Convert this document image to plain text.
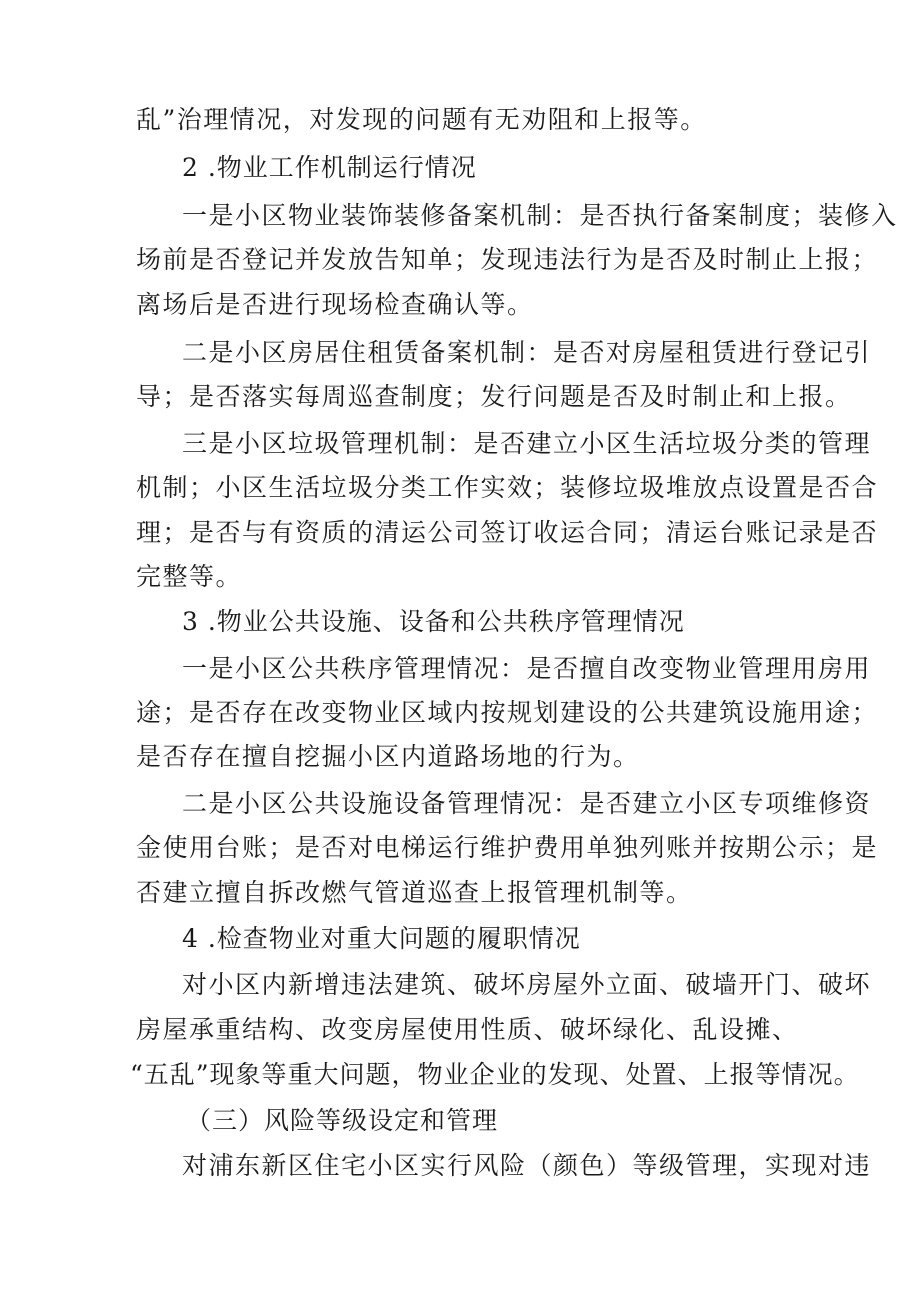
乱”治理情况，对发现的问题有无劝阻和上报等。
2 .物业工作机制运行情况
一是小区物业装饰装修备案机制：是否执行备案制度；装修入
场前是否登记并发放告知单；发现违法行为是否及时制止上报；
离场后是否进行现场检查确认等。
二是小区房居住租赁备案机制：是否对房屋租赁进行登记引
导；是否落实每周巡查制度；发行问题是否及时制止和上报。
三是小区垃圾管理机制：是否建立小区生活垃圾分类的管理
机制；小区生活垃圾分类工作实效；装修垃圾堆放点设置是否合
理；是否与有资质的清运公司签订收运合同；清运台账记录是否
完整等。
3 .物业公共设施、设备和公共秩序管理情况
一是小区公共秩序管理情况：是否擅自改变物业管理用房用
途；是否存在改变物业区域内按规划建设的公共建筑设施用途；
是否存在擅自挖掘小区内道路场地的行为。
二是小区公共设施设备管理情况：是否建立小区专项维修资
金使用台账；是否对电梯运行维护费用单独列账并按期公示；是
否建立擅自拆改燃气管道巡查上报管理机制等。
4 .检查物业对重大问题的履职情况
对小区内新增违法建筑、破坏房屋外立面、破墙开门、破坏
房屋承重结构、改变房屋使用性质、破坏绿化、乱设摊、
“五乱”现象等重大问题，物业企业的发现、处置、上报等情况。
（三）风险等级设定和管理
对浦东新区住宅小区实行风险（颜色）等级管理，实现对违
